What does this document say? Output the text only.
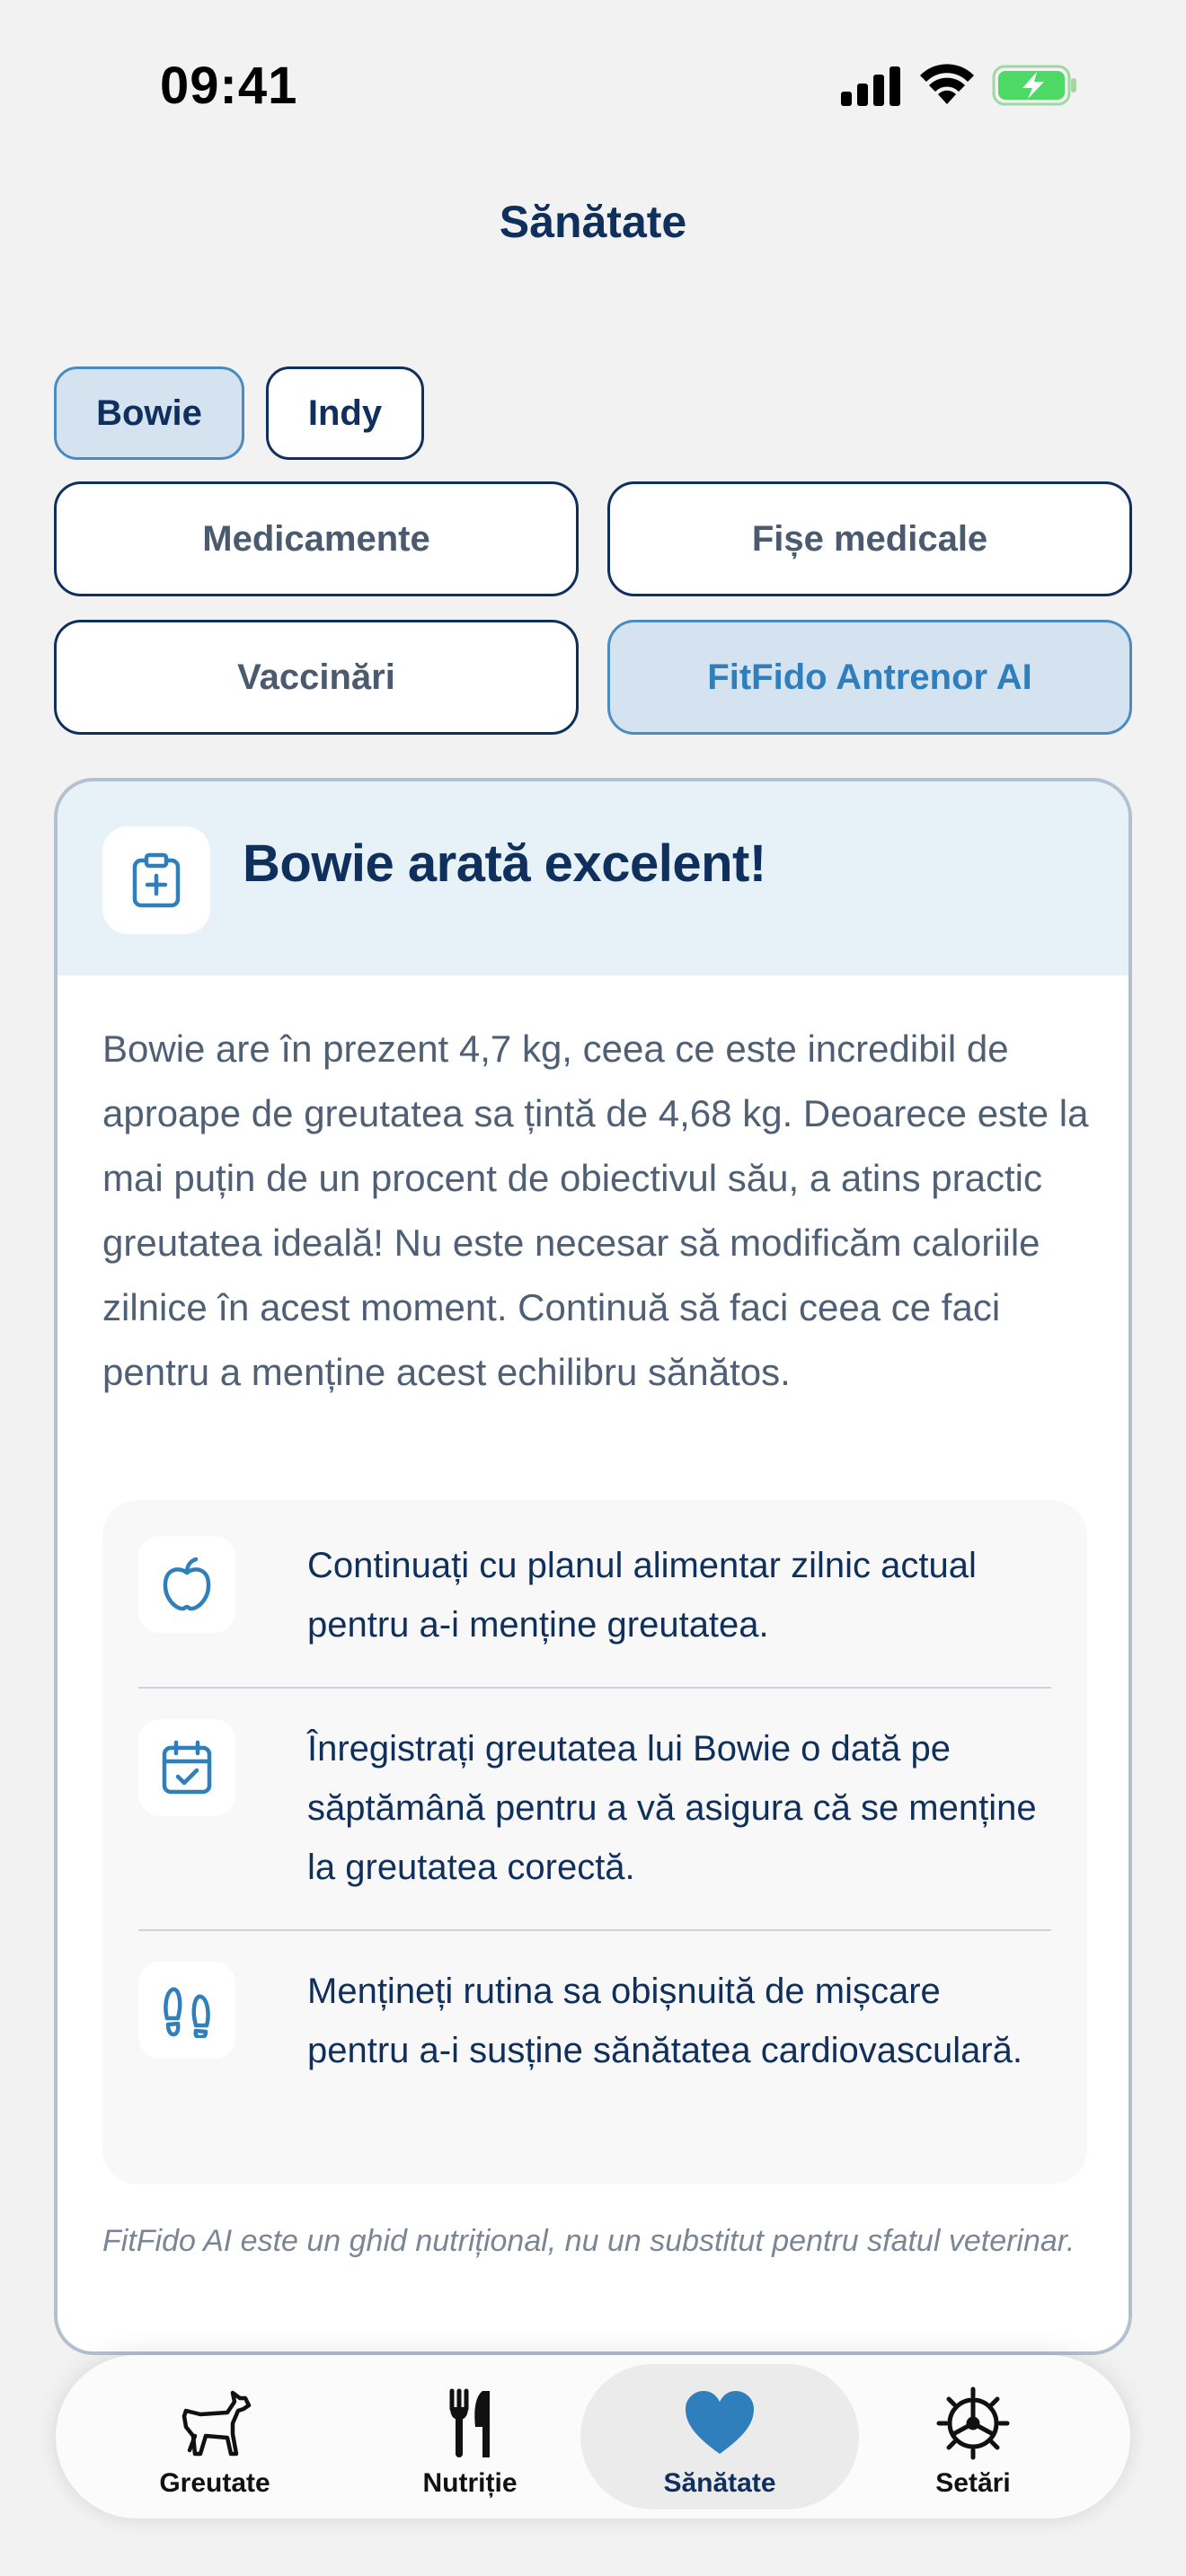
09:41
Sănătate
Bowie	Indy
Medicamente	Fișe medicale
Vaccinări	FitFido Antrenor AI
Bowie arată excelent!
Bowie are în prezent 4,7 kg, ceea ce este incredibil de aproape de greutatea sa țintă de 4,68 kg. Deoarece este la mai puțin de un procent de obiectivul său, a atins practic greutatea ideală! Nu este necesar să modificăm caloriile zilnice în acest moment. Continuă să faci ceea ce faci pentru a menține acest echilibru sănătos.
Continuați cu planul alimentar zilnic actual pentru a-i menține greutatea.
Înregistrați greutatea lui Bowie o dată pe săptămână pentru a vă asigura că se menține la greutatea corectă.
Mențineți rutina sa obișnuită de mișcare pentru a-i susține sănătatea cardiovasculară.
FitFido AI este un ghid nutrițional, nu un substitut pentru sfatul veterinar.
Greutate	Nutriție	Sănătate	Setări
